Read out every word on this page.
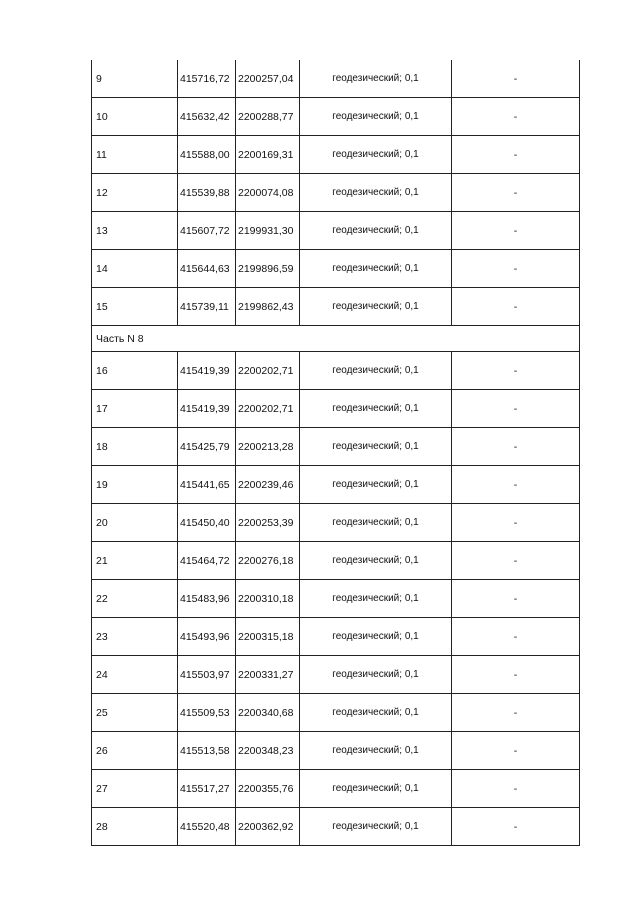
9	415716,72	2200257,04	геодезический; 0,1	-
10	415632,42	2200288,77	геодезический; 0,1	-
11	415588,00	2200169,31	геодезический; 0,1	-
12	415539,88	2200074,08	геодезический; 0,1	-
13	415607,72	2199931,30	геодезический; 0,1	-
14	415644,63	2199896,59	геодезический; 0,1	-
15	415739,11	2199862,43	геодезический; 0,1	-
Часть N 8				
16	415419,39	2200202,71	геодезический; 0,1	-
17	415419,39	2200202,71	геодезический; 0,1	-
18	415425,79	2200213,28	геодезический; 0,1	-
19	415441,65	2200239,46	геодезический; 0,1	-
20	415450,40	2200253,39	геодезический; 0,1	-
21	415464,72	2200276,18	геодезический; 0,1	-
22	415483,96	2200310,18	геодезический; 0,1	-
23	415493,96	2200315,18	геодезический; 0,1	-
24	415503,97	2200331,27	геодезический; 0,1	-
25	415509,53	2200340,68	геодезический; 0,1	-
26	415513,58	2200348,23	геодезический; 0,1	-
27	415517,27	2200355,76	геодезический; 0,1	-
28	415520,48	2200362,92	геодезический; 0,1	-
